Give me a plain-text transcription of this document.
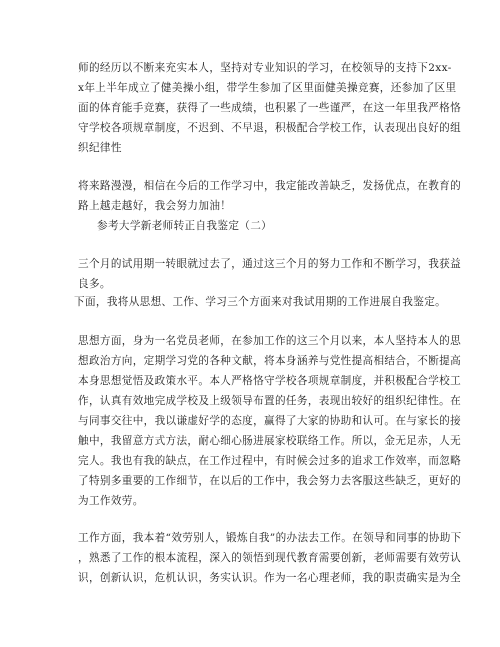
师的经历以不断来充实本人，坚持对专业知识的学习，在校领导的支持下2xx-
x年上半年成立了健美操小组，带学生参加了区里面健美操竞赛，还参加了区里
面的体育能手竞赛，获得了一些成绩，也积累了一些谨严，在这一年里我严格恪
守学校各项规章制度，不迟到、不早退，积极配合学校工作，认表现出良好的组
织纪律性
将来路漫漫，相信在今后的工作学习中，我定能改善缺乏，发扬优点，在教育的
路上越走越好，我会努力加油！
参考大学新老师转正自我鉴定（二）
三个月的试用期一转眼就过去了，通过这三个月的努力工作和不断学习，我获益
良多。
下面，我将从思想、工作、学习三个方面来对我试用期的工作进展自我鉴定。
思想方面，身为一名党员老师，在参加工作的这三个月以来，本人坚持本人的思
想政治方向，定期学习党的各种文献，将本身涵养与党性提高相结合，不断提高
本身思想觉悟及政策水平。本人严格恪守学校各项规章制度，并积极配合学校工
作，认真有效地完成学校及上级领导布置的任务，表现出较好的组织纪律性。在
与同事交往中，我以谦虚好学的态度，赢得了大家的协助和认可。在与家长的接
触中，我留意方式方法，耐心细心肠进展家校联络工作。所以，金无足赤，人无
完人。我也有我的缺点，在工作过程中，有时候会过多的追求工作效率，而忽略
了特别多重要的工作细节，在以后的工作中，我会努力去客服这些缺乏，更好的
为工作效劳。
工作方面，我本着“效劳别人，锻炼自我”的办法去工作。在领导和同事的协助下
，熟悉了工作的根本流程，深入的领悟到现代教育需要创新，老师需要有效劳认
识，创新认识，危机认识，务实认识。作为一名心理老师，我的职责确实是为全
